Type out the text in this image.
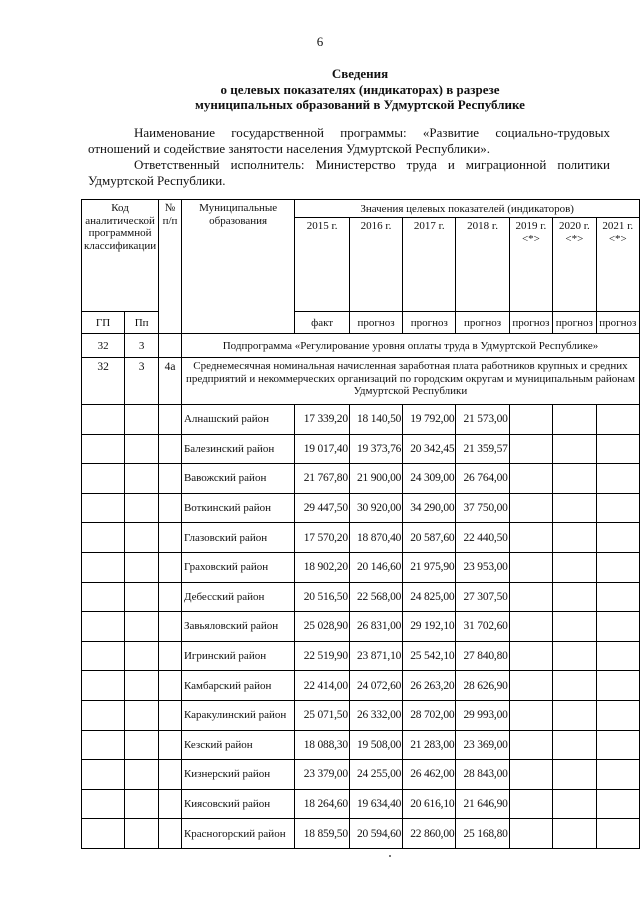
6
Сведения
о целевых показателях (индикаторах) в разрезе
муниципальных образований в Удмуртской Республике

Наименование государственной программы: «Развитие социально-трудовых отношений и содействие занятости населения Удмуртской Республики».

Ответственный исполнитель: Министерство труда и миграционной политики Удмуртской Республики.

Код аналитической программной классификации		№ п/п	Муниципальные образования	Значения целевых показателей (индикаторов)						
				2015 г.	2016 г.	2017 г.	2018 г.	2019 г. <*>	2020 г. <*>	2021 г. <*>
ГП	Пп			факт	прогноз	прогноз	прогноз	прогноз	прогноз	прогноз
32	3		Подпрограмма «Регулирование уровня оплаты труда в Удмуртской Республике»							
32	3	4а	Среднемесячная номинальная начисленная заработная плата работников крупных и средних предприятий и некоммерческих организаций по городским округам и муниципальным районам Удмуртской Республики							
			Алнашский район	17 339,20	18 140,50	19 792,00	21 573,00			
			Балезинский район	19 017,40	19 373,76	20 342,45	21 359,57			
			Вавожский район	21 767,80	21 900,00	24 309,00	26 764,00			
			Воткинский район	29 447,50	30 920,00	34 290,00	37 750,00			
			Глазовский район	17 570,20	18 870,40	20 587,60	22 440,50			
			Граховский район	18 902,20	20 146,60	21 975,90	23 953,00			
			Дебесский район	20 516,50	22 568,00	24 825,00	27 307,50			
			Завьяловский район	25 028,90	26 831,00	29 192,10	31 702,60			
			Игринский район	22 519,90	23 871,10	25 542,10	27 840,80			
			Камбарский район	22 414,00	24 072,60	26 263,20	28 626,90			
			Каракулинский район	25 071,50	26 332,00	28 702,00	29 993,00			
			Кезский район	18 088,30	19 508,00	21 283,00	23 369,00			
			Кизнерский район	23 379,00	24 255,00	26 462,00	28 843,00			
			Киясовский район	18 264,60	19 634,40	20 616,10	21 646,90			
			Красногорский район	18 859,50	20 594,60	22 860,00	25 168,80			
